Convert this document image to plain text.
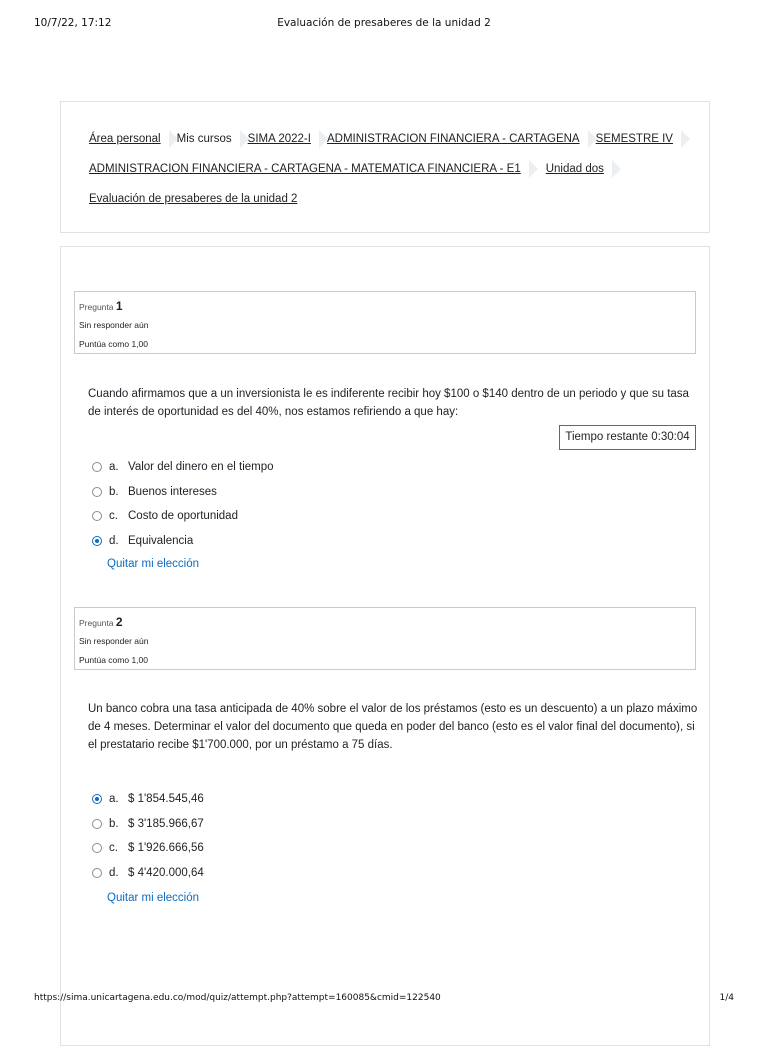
10/7/22, 17:12	Evaluación de presaberes de la unidad 2
Área personal Mis cursos SIMA 2022-I ADMINISTRACION FINANCIERA - CARTAGENA SEMESTRE IV
ADMINISTRACION FINANCIERA - CARTAGENA - MATEMATICA FINANCIERA - E1 Unidad dos
Evaluación de presaberes de la unidad 2
Pregunta 1
Sin responder aún
Puntúa como 1,00
Cuando afirmamos que a un inversionista le es indiferente recibir hoy $100 o $140 dentro de un periodo y que su tasa de interés de oportunidad es del 40%, nos estamos refiriendo a que hay:
Tiempo restante 0:30:04
a. Valor del dinero en el tiempo
b. Buenos intereses
c. Costo de oportunidad
d. Equivalencia
Quitar mi elección
Pregunta 2
Sin responder aún
Puntúa como 1,00
Un banco cobra una tasa anticipada de 40% sobre el valor de los préstamos (esto es un descuento) a un plazo máximo de 4 meses. Determinar el valor del documento que queda en poder del banco (esto es el valor final del documento), si el prestatario recibe $1'700.000, por un préstamo a 75 días.
a. $ 1'854.545,46
b. $ 3'185.966,67
c. $ 1'926.666,56
d. $ 4'420.000,64
Quitar mi elección
https://sima.unicartagena.edu.co/mod/quiz/attempt.php?attempt=160085&cmid=122540	1/4
